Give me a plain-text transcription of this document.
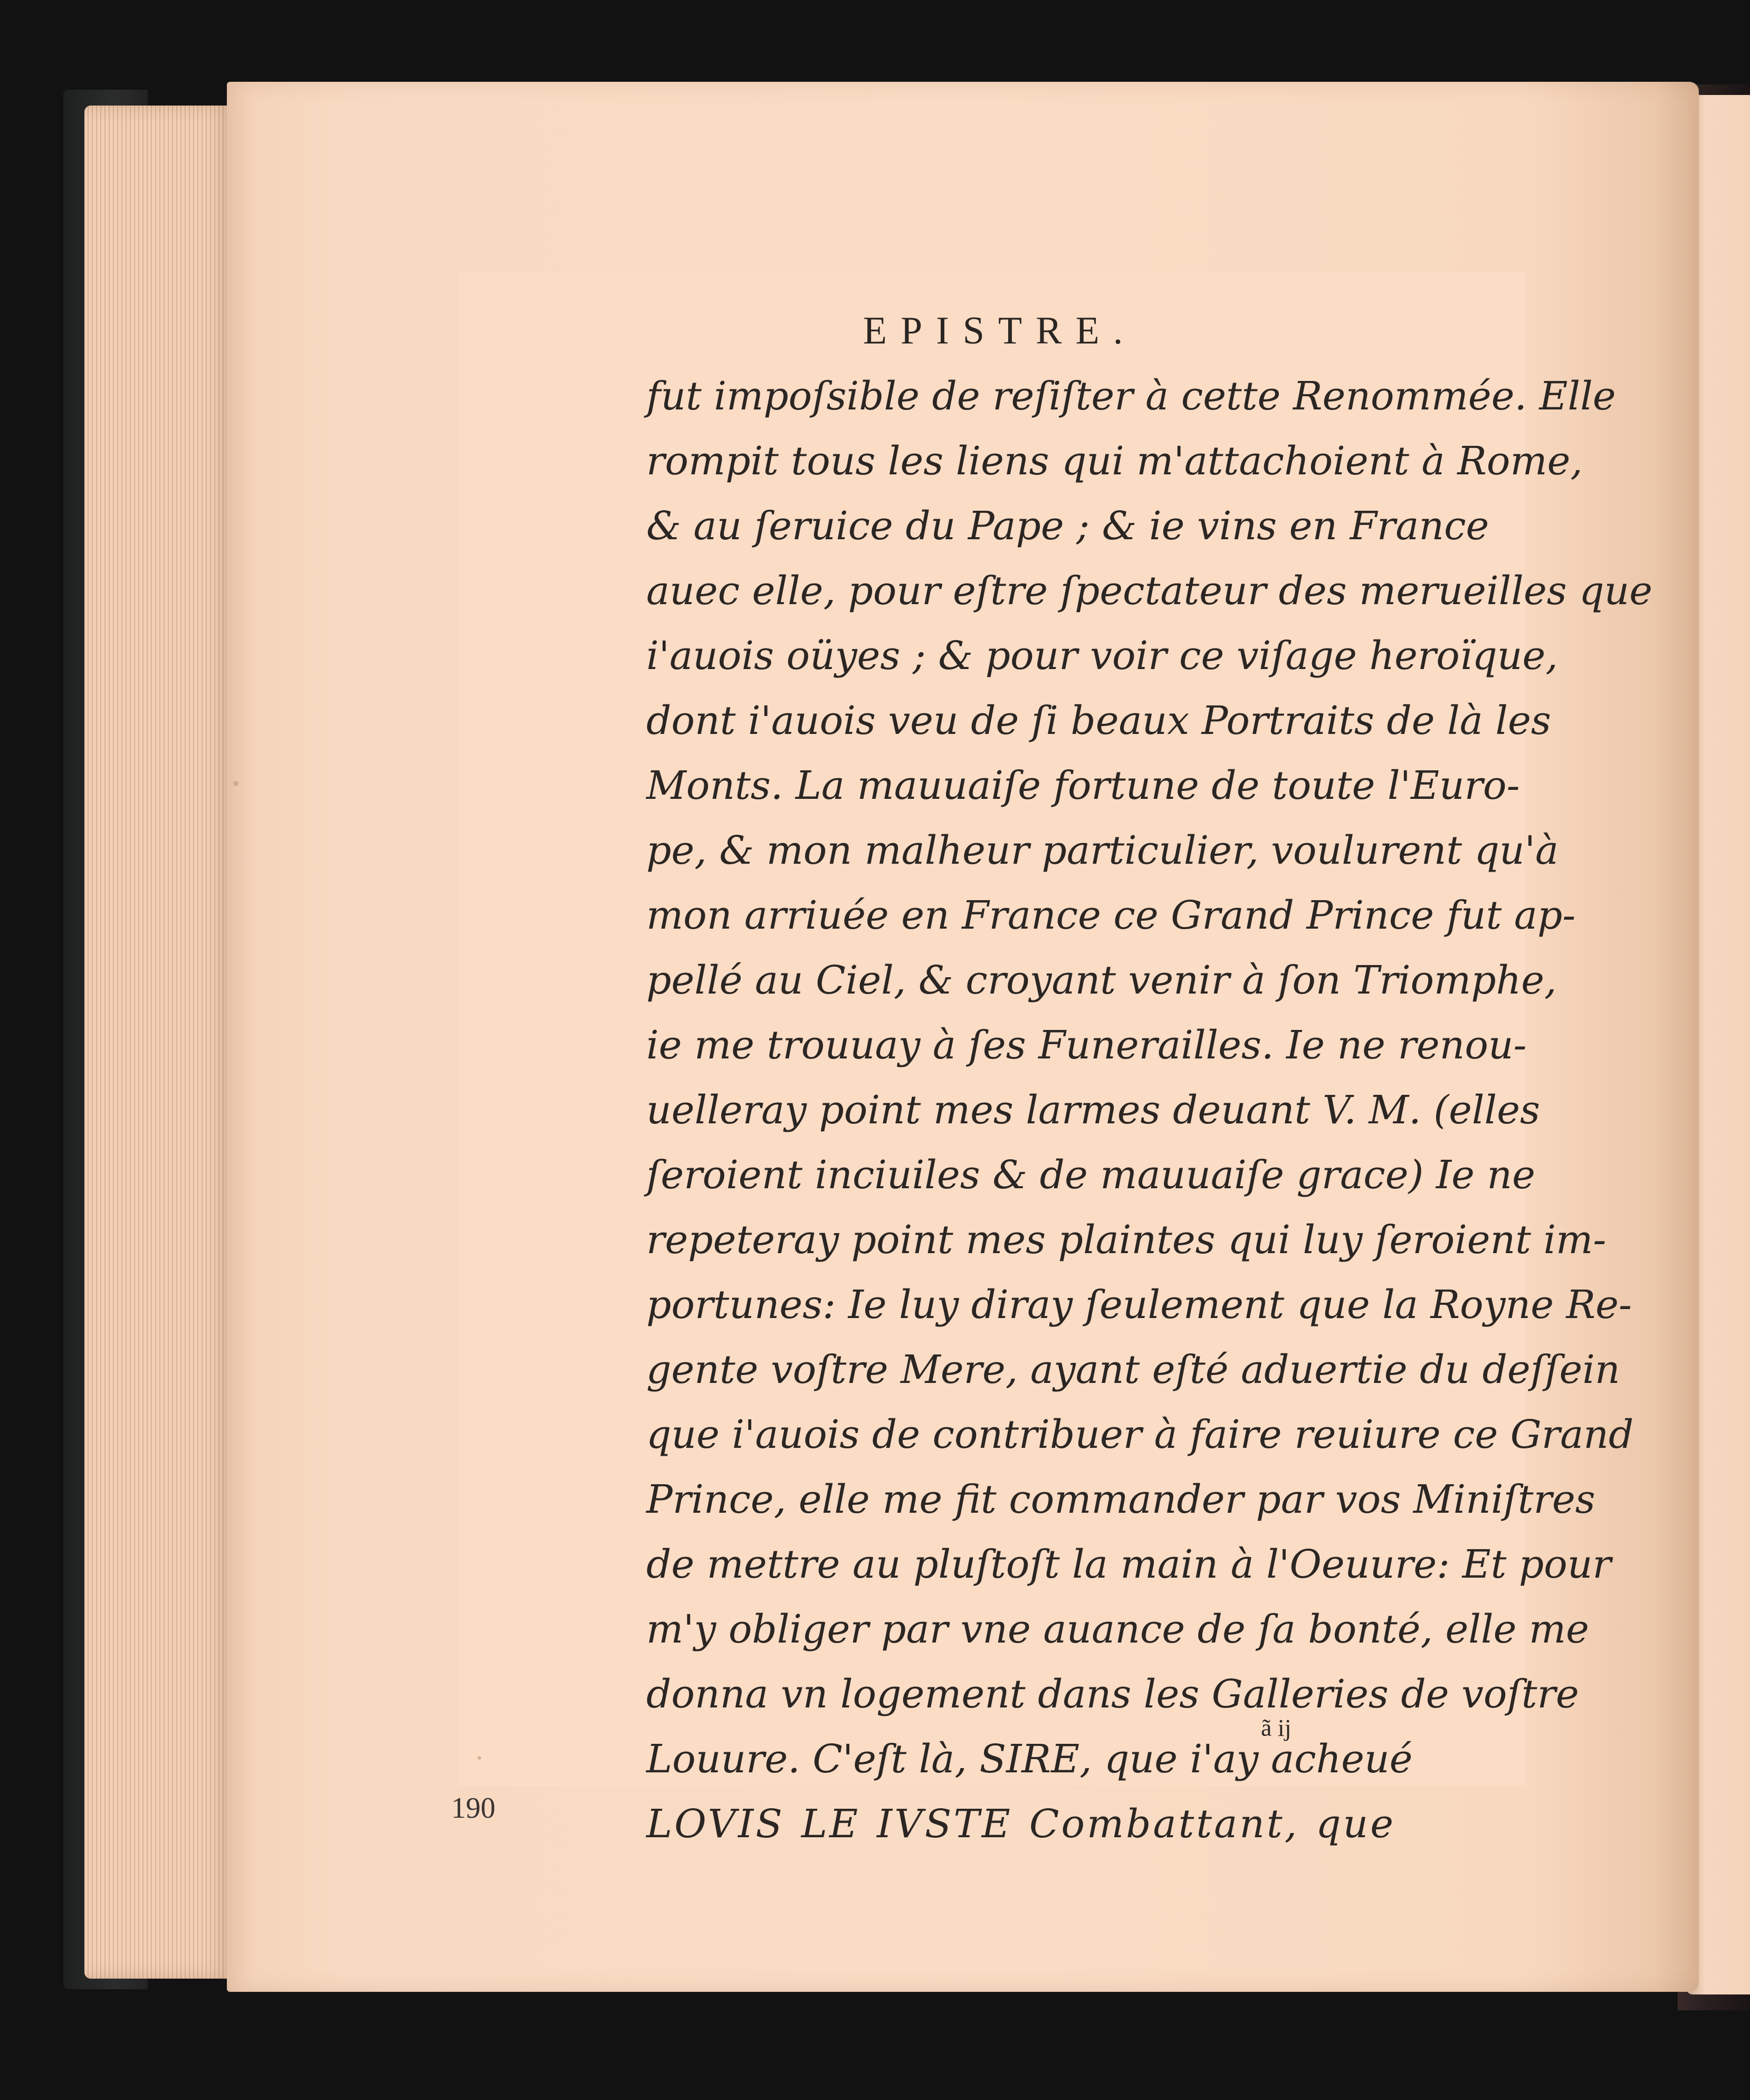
EPISTRE.
fut impoſsible de reſiſter à cette Renommée. Elle
rompit tous les liens qui m'attachoient à Rome,
& au ſeruice du Pape ; & ie vins en France
auec elle, pour eſtre ſpectateur des merueilles que
i'auois oüyes ; & pour voir ce viſage heroïque,
dont i'auois veu de ſi beaux Portraits de là les
Monts. La mauuaiſe fortune de toute l'Euro-
pe, & mon malheur particulier, voulurent qu'à
mon arriuée en France ce Grand Prince fut ap-
pellé au Ciel, & croyant venir à ſon Triomphe,
ie me trouuay à ſes Funerailles. Ie ne renou-
uelleray point mes larmes deuant V. M. (elles
ſeroient inciuiles & de mauuaiſe grace) Ie ne
repeteray point mes plaintes qui luy ſeroient im-
portunes: Ie luy diray ſeulement que la Royne Re-
gente voſtre Mere, ayant eſté aduertie du deſſein
que i'auois de contribuer à faire reuiure ce Grand
Prince, elle me fit commander par vos Miniſtres
de mettre au pluſtoſt la main à l'Oeuure: Et pour
m'y obliger par vne auance de ſa bonté, elle me
donna vn logement dans les Galleries de voſtre
Louure. C'eſt là, SIRE, que i'ay acheué
LOVIS LE IVSTE Combattant, que
ã ij
190
